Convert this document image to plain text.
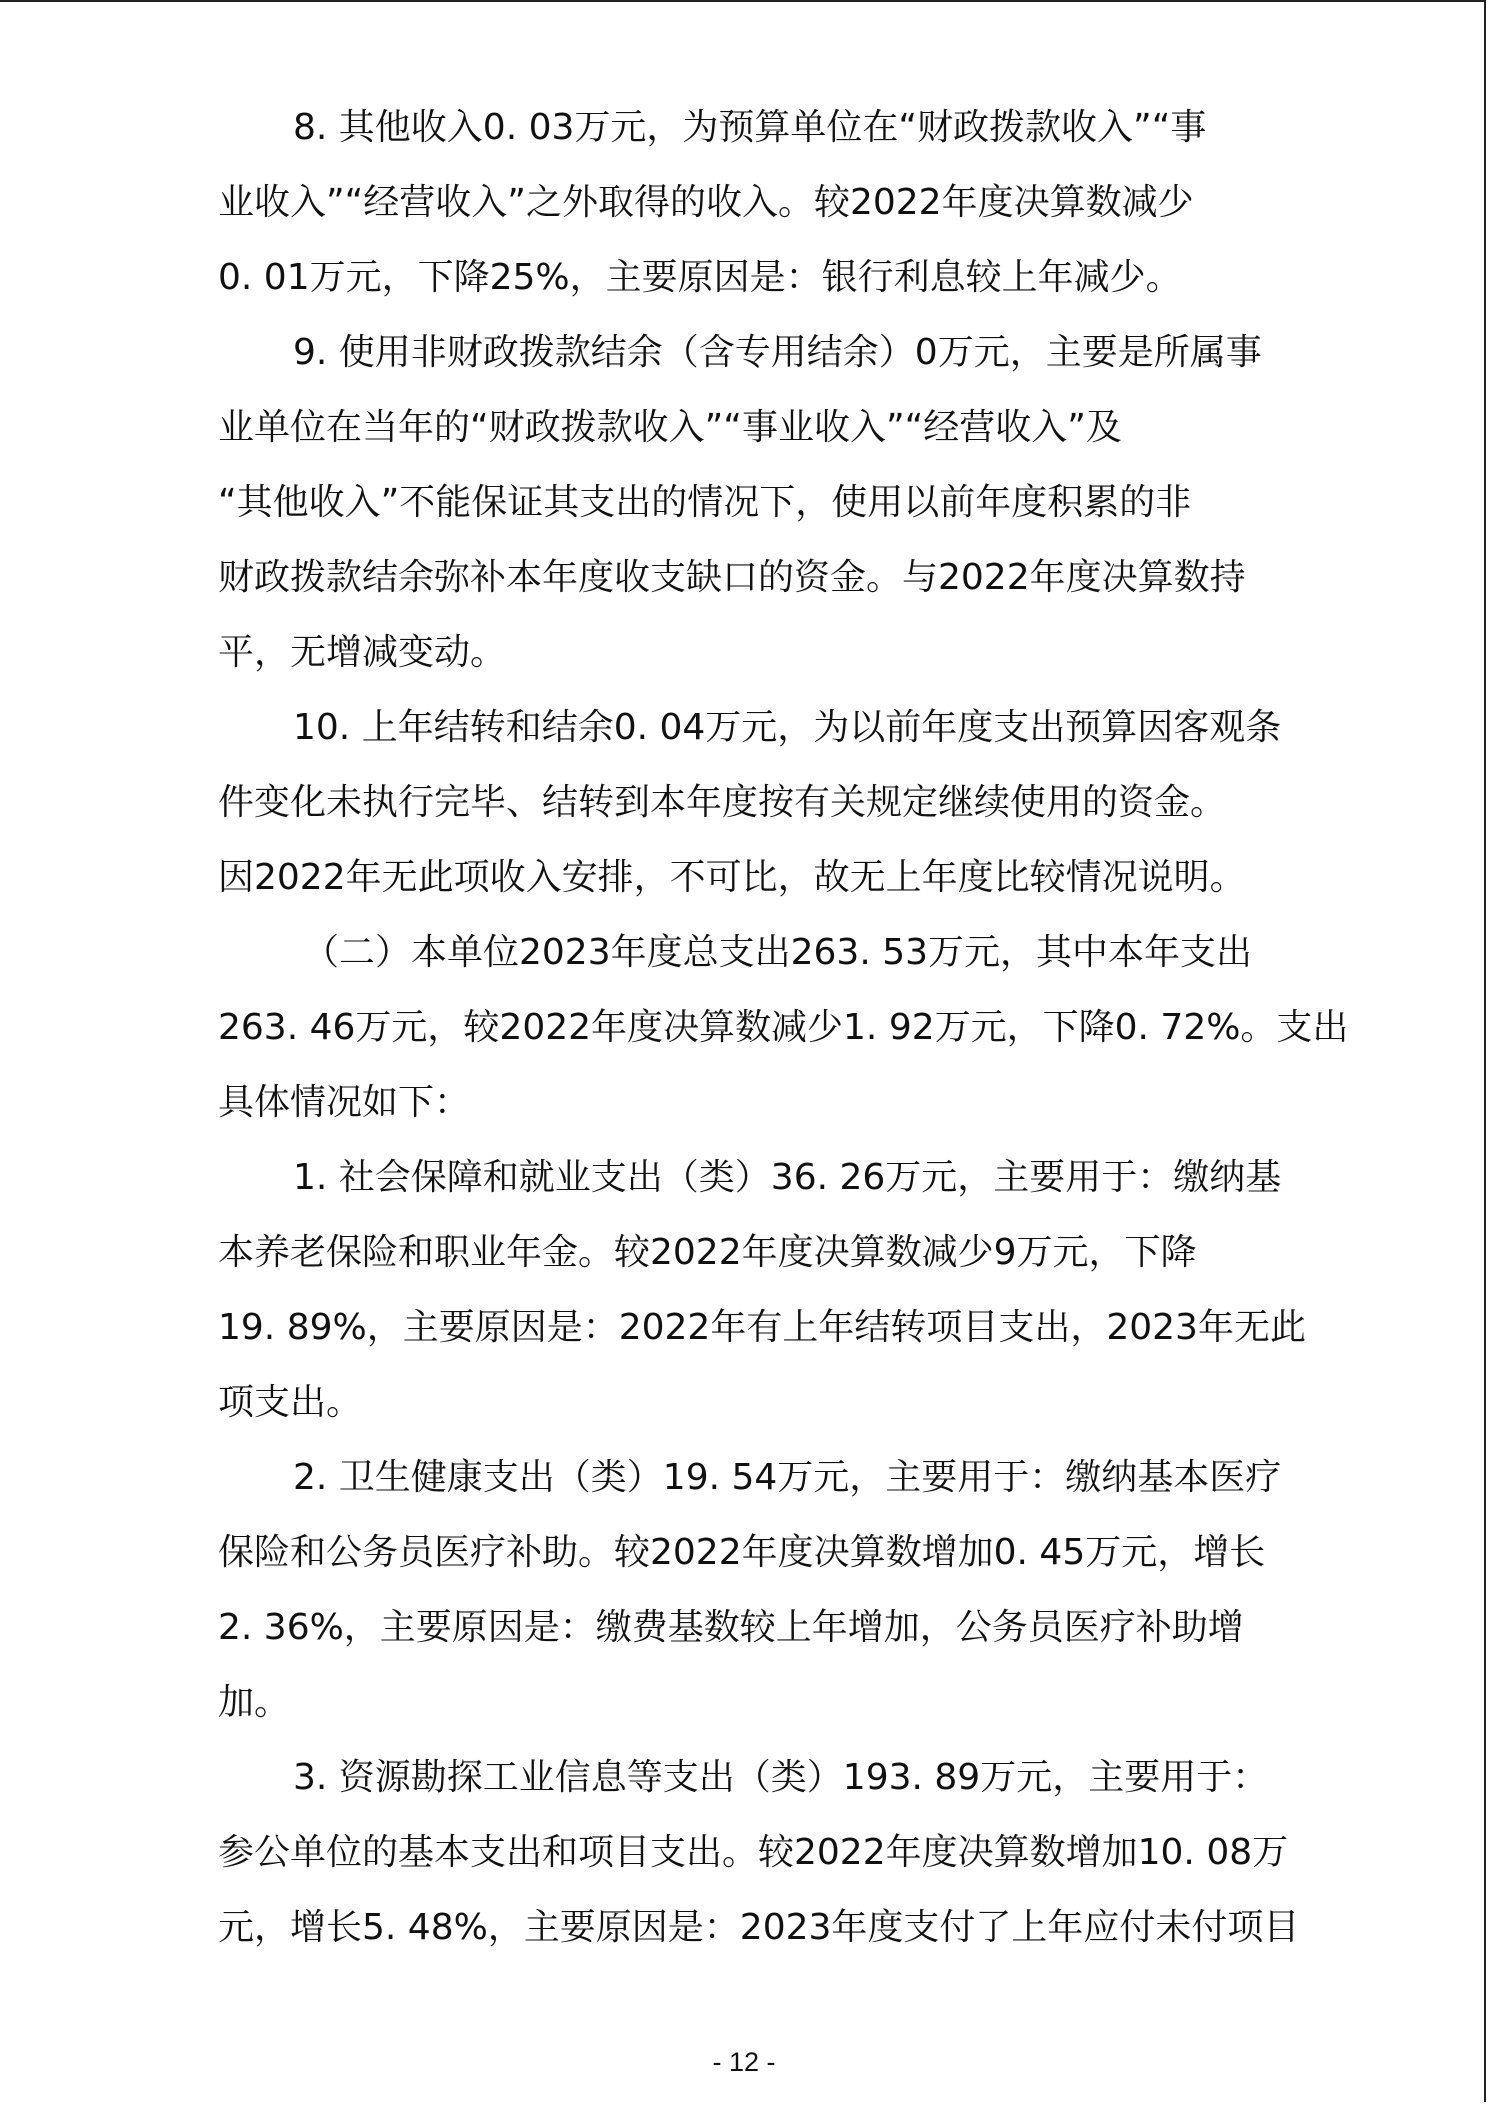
8. 其他收入0. 03万元，为预算单位在“财政拨款收入”“事
业收入”“经营收入”之外取得的收入。较2022年度决算数减少
0. 01万元，下降25%，主要原因是：银行利息较上年减少。
9. 使用非财政拨款结余（含专用结余）0万元，主要是所属事
业单位在当年的“财政拨款收入”“事业收入”“经营收入”及
“其他收入”不能保证其支出的情况下，使用以前年度积累的非
财政拨款结余弥补本年度收支缺口的资金。与2022年度决算数持
平，无增减变动。
10. 上年结转和结余0. 04万元，为以前年度支出预算因客观条
件变化未执行完毕、结转到本年度按有关规定继续使用的资金。
因2022年无此项收入安排，不可比，故无上年度比较情况说明。
（二）本单位2023年度总支出263. 53万元，其中本年支出
263. 46万元，较2022年度决算数减少1. 92万元，下降0. 72%。支出
具体情况如下：
1. 社会保障和就业支出（类）36. 26万元，主要用于：缴纳基
本养老保险和职业年金。较2022年度决算数减少9万元，下降
19. 89%，主要原因是：2022年有上年结转项目支出，2023年无此
项支出。
2. 卫生健康支出（类）19. 54万元，主要用于：缴纳基本医疗
保险和公务员医疗补助。较2022年度决算数增加0. 45万元，增长
2. 36%，主要原因是：缴费基数较上年增加，公务员医疗补助增
加。
3. 资源勘探工业信息等支出（类）193. 89万元，主要用于：
参公单位的基本支出和项目支出。较2022年度决算数增加10. 08万
元，增长5. 48%，主要原因是：2023年度支付了上年应付未付项目
- 12 -
